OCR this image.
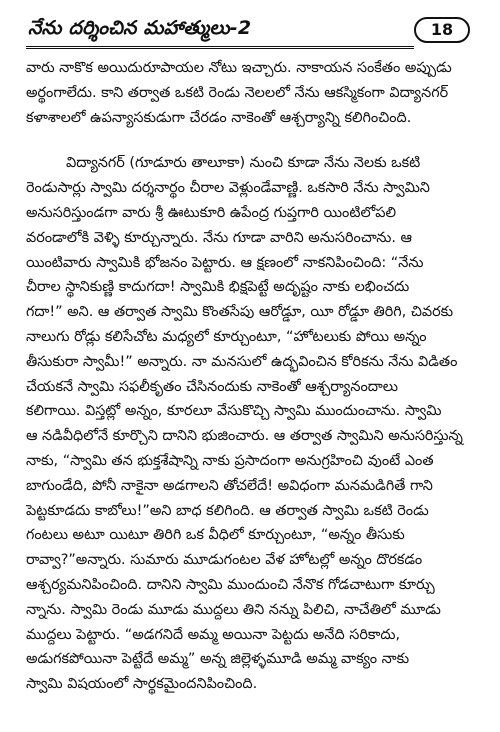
నేను దర్శించిన మహాత్ములు-2	18
వారు నాకొక అయిదురూపాయల నోటు ఇచ్చారు. నాకాయన సంకేతం అప్పుడు
అర్థంగాలేదు. కాని తర్వాత ఒకటి రెండు నెలలలో నేను ఆకస్మికంగా విద్యానగర్
కళాశాలలో ఉపన్యాసకుడుగా చేరడం నాకెంతో ఆశ్చర్యాన్ని కలిగించింది.
విద్యానగర్ (గూడూరు తాలూకా) నుంచి కూడా నేను నెలకు ఒకటి
రెండుసార్లు స్వామి దర్శనార్థం చీరాల వెళ్లుండేవాణ్ణి. ఒకసారి నేను స్వామిని
అనుసరిస్తుండగా వారు శ్రీ ఊటుకూరి ఉపేంద్ర గుప్తగారి యింటిలోపలి
వరండాలోకి వెళ్ళి కూర్చున్నారు. నేను గూడా వారిని అనుసరించాను. ఆ
యింటివారు స్వామికి భోజనం పెట్టారు. ఆ క్షణంలో నాకనిపించింది: “నేను
చీరాల స్థానికుణ్ణి కాదుగదా! స్వామికి భిక్షపెట్టే అదృష్టం నాకు లభించదు
గదా!” అని. ఆ తర్వాత స్వామి కొంతసేపు ఆరోడ్డూ, యీ రోడ్డూ తిరిగి, చివరకు
నాలుగు రోడ్లు కలిసేచోట మధ్యలో కూర్చుంటూ, “హోటలుకు పోయి అన్నం
తీసుకురా స్వామీ!” అన్నారు. నా మనసులో ఉద్భవించిన కోరికను నేను విడితం
చేయకనే స్వామి సఫలీకృతం చేసినందుకు నాకెంతో ఆశ్చర్యానందాలు
కలిగాయి. విస్తట్లో అన్నం, కూరలూ వేసుకొచ్చి స్వామి ముందుంచాను. స్వామి
ఆ నడివీధిలోనే కూర్చొని దానిని భుజించారు. ఆ తర్వాత స్వామిని అనుసరిస్తున్న
నాకు, “స్వామి తన భుక్తశేషాన్ని నాకు ప్రసాదంగా అనుగ్రహించి వుంటే ఎంత
బాగుండేది, పోనీ నాకైనా అడగాలని తోచలేదే! అవిధంగా మనమడిగితే గాని
పెట్టకూడదు కాబోలు!”అని బాధ కలిగింది. ఆ తర్వాత స్వామి ఒకటి రెండు
గంటలు అటూ యిటూ తిరిగి ఒక వీధిలో కూర్చుంటూ, “అన్నం తీసుకు
రావ్వా?”అన్నారు. సుమారు మూడుగంటల వేళ హోటల్లో అన్నం దొరకడం
ఆశ్చర్యమనిపించింది. దానిని స్వామి ముందుంచి నేనొక గోడచాటుగా కూర్చు
న్నాను. స్వామి రెండు మూడు ముద్దలు తిని నన్ను పిలిచి, నాచేతిలో మూడు
ముద్దలు పెట్టారు. “అడగనిదే అమ్మ అయినా పెట్టదు అనేది సరికాదు,
అడుగకపోయినా పెట్టేదే అమ్మ” అన్న జిల్లెళ్ళమూడి అమ్మ వాక్యం నాకు
స్వామి విషయంలో సార్థకమైందనిపించింది.
